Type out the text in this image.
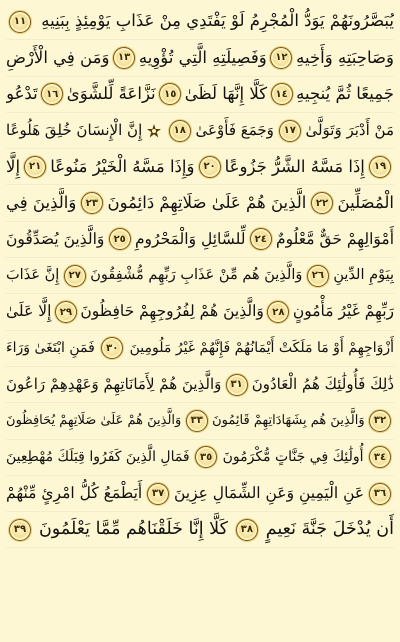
يُبَصَّرُونَهُمْ يَوَدُّ الْمُجْرِمُ لَوْ يَفْتَدِي مِنْ عَذَابِ يَوْمِئِذٍ بِبَنِيهِ
١١
وَصَاحِبَتِهِ وَأَخِيهِ
١٢
وَفَصِيلَتِهِ الَّتِي تُؤْوِيهِ
١٣
وَمَن فِي الْأَرْضِ
جَمِيعًا ثُمَّ يُنجِيهِ
١٤
كَلَّا إِنَّهَا لَظَىٰ
١٥
نَزَّاعَةً لِّلشَّوَىٰ
١٦
تَدْعُو
مَنْ أَدْبَرَ وَتَوَلَّىٰ
١٧
وَجَمَعَ فَأَوْعَىٰ
١٨
إِنَّ الْإِنسَانَ خُلِقَ هَلُوعًا
١٩
إِذَا مَسَّهُ الشَّرُّ جَزُوعًا
٢٠
وَإِذَا مَسَّهُ الْخَيْرُ مَنُوعًا
٢١
إِلَّا
الْمُصَلِّينَ
٢٢
الَّذِينَ هُمْ عَلَىٰ صَلَاتِهِمْ دَائِمُونَ
٢٣
وَالَّذِينَ فِي
أَمْوَالِهِمْ حَقٌّ مَّعْلُومٌ
٢٤
لِّلسَّائِلِ وَالْمَحْرُومِ
٢٥
وَالَّذِينَ يُصَدِّقُونَ
بِيَوْمِ الدِّينِ
٢٦
وَالَّذِينَ هُم مِّنْ عَذَابِ رَبِّهِم مُّشْفِقُونَ
٢٧
إِنَّ عَذَابَ
رَبِّهِمْ غَيْرُ مَأْمُونٍ
٢٨
وَالَّذِينَ هُمْ لِفُرُوجِهِمْ حَافِظُونَ
٢٩
إِلَّا عَلَىٰ
أَزْوَاجِهِمْ أَوْ مَا مَلَكَتْ أَيْمَانُهُمْ فَإِنَّهُمْ غَيْرُ مَلُومِينَ
٣٠
فَمَنِ ابْتَغَىٰ وَرَاءَ
ذَٰلِكَ فَأُولَٰئِكَ هُمُ الْعَادُونَ
٣١
وَالَّذِينَ هُمْ لِأَمَانَاتِهِمْ وَعَهْدِهِمْ رَاعُونَ
٣٢
وَالَّذِينَ هُم بِشَهَادَاتِهِمْ قَائِمُونَ
٣٣
وَالَّذِينَ هُمْ عَلَىٰ صَلَاتِهِمْ يُحَافِظُونَ
٣٤
أُولَٰئِكَ فِي جَنَّاتٍ مُّكْرَمُونَ
٣٥
فَمَالِ الَّذِينَ كَفَرُوا قِبَلَكَ مُهْطِعِينَ
٣٦
عَنِ الْيَمِينِ وَعَنِ الشِّمَالِ عِزِينَ
٣٧
أَيَطْمَعُ كُلُّ امْرِئٍ مِّنْهُمْ
أَن يُدْخَلَ جَنَّةَ نَعِيمٍ
٣٨
كَلَّا إِنَّا خَلَقْنَاهُم مِّمَّا يَعْلَمُونَ
٣٩
